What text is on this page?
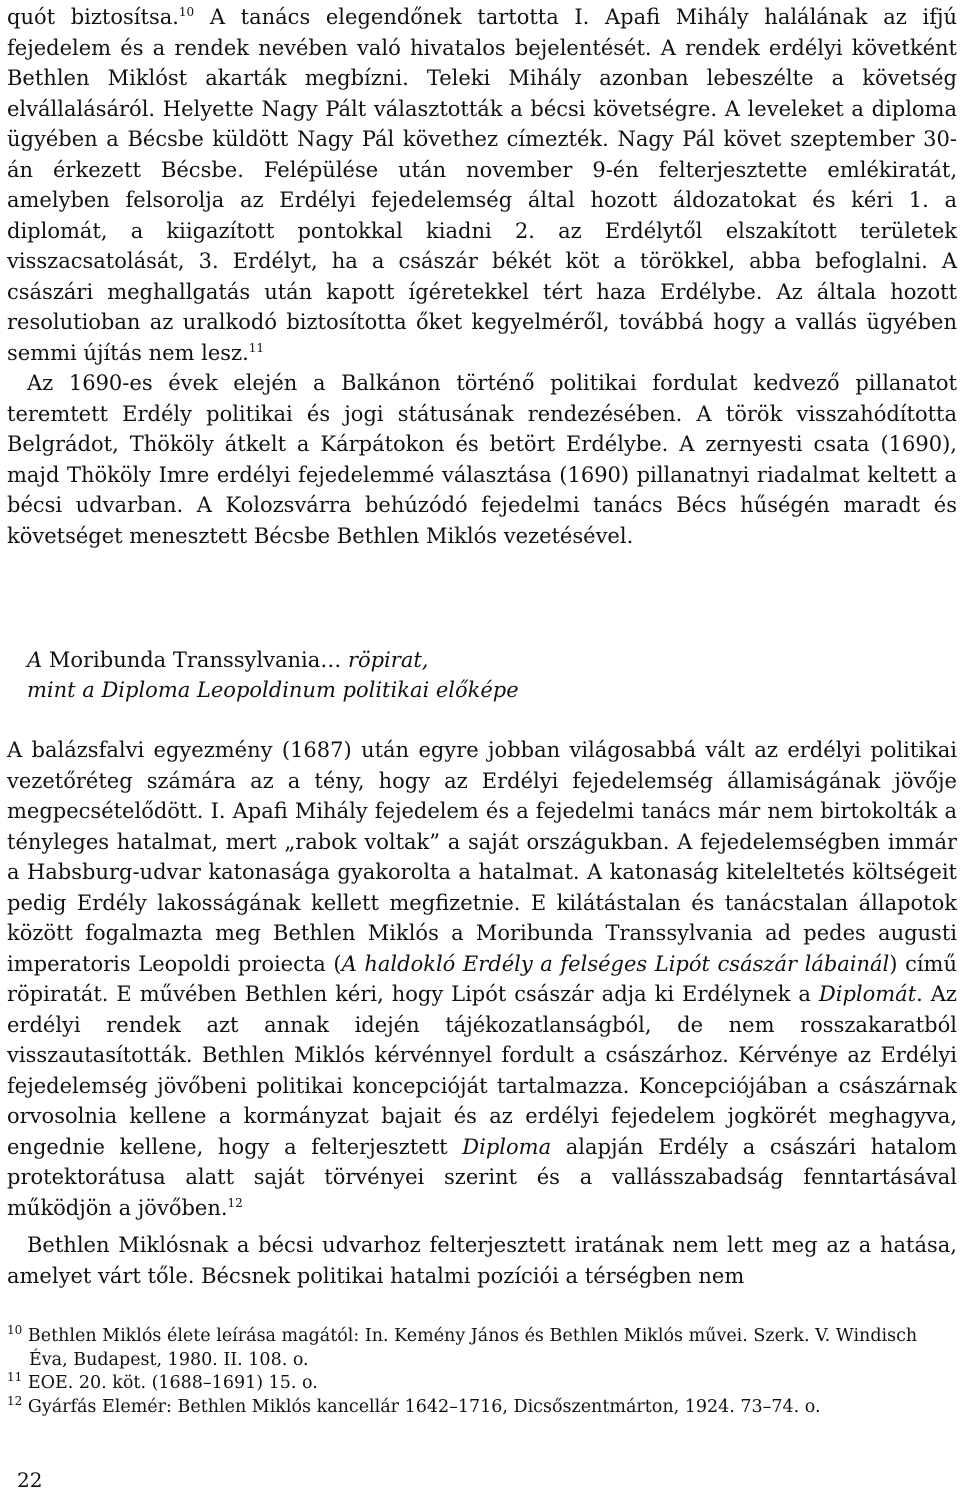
quót biztosítsa.$^{10}$ A tanács elegendőnek tartotta I. Apafi Mihály halálának az ifjú fejedelem és a rendek nevében való hivatalos bejelentését. A rendek erdélyi követként Bethlen Miklóst akarták megbízni. Teleki Mihály azonban lebeszélte a követség elvállalásáról. Helyette Nagy Pált választották a bécsi követségre. A leveleket a diploma ügyében a Bécsbe küldött Nagy Pál követhez címezték. Nagy Pál követ szeptember 30-án érkezett Bécsbe. Felépülése után november 9-én felterjesztette emlékiratát, amelyben felsorolja az Erdélyi fejedelemség által hozott áldozatokat és kéri 1. a diplomát, a kiigazított pontokkal kiadni 2. az Erdélytől elszakított területek visszacsatolását, 3. Erdélyt, ha a császár békét köt a törökkel, abba befoglalni. A császári meghallgatás után kapott ígéretekkel tért haza Erdélybe. Az általa hozott resolutioban az uralkodó biztosította őket kegyelméről, továbbá hogy a vallás ügyében semmi újítás nem lesz.$^{11}$

Az 1690-es évek elején a Balkánon történő politikai fordulat kedvező pillanatot teremtett Erdély politikai és jogi státusának rendezésében. A török visszahódította Belgrádot, Thököly átkelt a Kárpátokon és betört Erdélybe. A zernyesti csata (1690), majd Thököly Imre erdélyi fejedelemmé választása (1690) pillanatnyi riadalmat keltett a bécsi udvarban. A Kolozsvárra behúzódó fejedelmi tanács Bécs hűségén maradt és követséget menesztett Bécsbe Bethlen Miklós vezetésével.

A Moribunda Transsylvania… röpirat,
mint a Diploma Leopoldinum politikai előképe

A balázsfalvi egyezmény (1687) után egyre jobban világosabbá vált az erdélyi politikai vezetőréteg számára az a tény, hogy az Erdélyi fejedelemség államiságának jövője megpecsételődött. I. Apafi Mihály fejedelem és a fejedelmi tanács már nem birtokolták a tényleges hatalmat, mert „rabok voltak” a saját országukban. A fejedelemségben immár a Habsburg-udvar katonasága gyakorolta a hatalmat. A katonaság kiteleltetés költségeit pedig Erdély lakosságának kellett megfizetnie. E kilátástalan és tanácstalan állapotok között fogalmazta meg Bethlen Miklós a Moribunda Transsylvania ad pedes augusti imperatoris Leopoldi proiecta (A haldokló Erdély a felséges Lipót császár lábainál) című röpiratát. E művében Bethlen kéri, hogy Lipót császár adja ki Erdélynek a Diplomát. Az erdélyi rendek azt annak idején tájékozatlanságból, de nem rosszakaratból visszautasították. Bethlen Miklós kérvénnyel fordult a császárhoz. Kérvénye az Erdélyi fejedelemség jövőbeni politikai koncepcióját tartalmazza. Koncepciójában a császárnak orvosolnia kellene a kormányzat bajait és az erdélyi fejedelem jogkörét meghagyva, engednie kellene, hogy a felterjesztett Diploma alapján Erdély a császári hatalom protektorátusa alatt saját törvényei szerint és a vallásszabadság fenntartásával működjön a jövőben.$^{12}$

Bethlen Miklósnak a bécsi udvarhoz felterjesztett iratának nem lett meg az a hatása, amelyet várt tőle. Bécsnek politikai hatalmi pozíciói a térségben nem

$^{10}$ Bethlen Miklós élete leírása magától: In. Kemény János és Bethlen Miklós művei. Szerk. V. Windisch Éva, Budapest, 1980. II. 108. o.

$^{11}$ EOE. 20. köt. (1688–1691) 15. o.

$^{12}$ Gyárfás Elemér: Bethlen Miklós kancellár 1642–1716, Dicsőszentmárton, 1924. 73–74. o.

22
